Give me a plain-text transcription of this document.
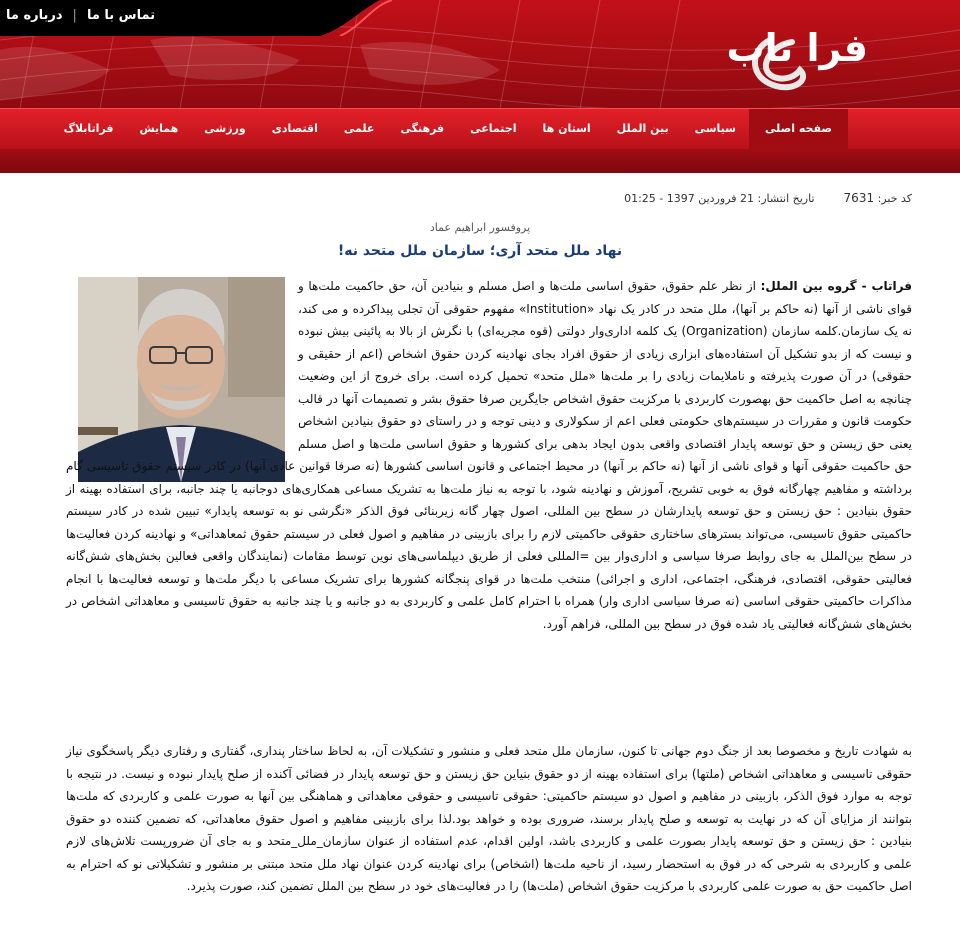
تماس با ما
|
درباره ما
فرا تاب
صفحه اصلی
سیاسی
بین الملل
استان ها
اجتماعی
فرهنگی
علمی
اقتصادی
ورزشی
همایش
فراتابلاگ
کد خبر: 7631  تاریخ انتشار: 21 فروردین 1397 - 01:25
پروفسور ابراهیم عماد
نهاد ملل متحد آری؛ سازمان ملل متحد نه!
فراتاب - گروه بین الملل: از نظر علم حقوق، حقوق اساسی ملت‌ها و اصل مسلم و بنیادین آن، حق حاکمیت ملت‌ها و قوای ناشی از آنها (نه حاکم بر آنها)، ملل متحد در کادر یک نهاد «Institution» مفهوم حقوقی آن تجلی پیداکرده و می کند، نه یک سازمان.کلمه سازمان (Organization) یک کلمه اداری‌وار دولتی (قوه مجریه‌ای) با نگرش از بالا به پائینی بیش نبوده و نیست که از بدو تشکیل آن استفاده‌های ابزاری زیادی از حقوق افراد بجای نهادینه کردن حقوق اشخاص (اعم از حقیقی و حقوقی) در آن صورت پذیرفته و ناملایمات زیادی را بر ملت‌ها «ملل متحد» تحمیل کرده است. برای خروج از این وضعیت چنانچه به اصل حاکمیت حق بهصورت کاربردی با مرکزیت حقوق اشخاص جایگرین صرفا حقوق بشر و تصمیمات آنها در قالب حکومت قانون و مقررات در سیستم‌های حکومتی فعلی اعم از سکولاری و دینی توجه و در راستای دو حقوق بنیادین اشخاص یعنی حق زیستن و حق توسعه پایدار اقتصادی واقعی بدون ایجاد بدهی برای کشورها و حقوق اساسی ملت‌ها و اصل مسلم حق حاکمیت حقوقی آنها و قوای ناشی از آنها (نه حاکم بر آنها) در محیط اجتماعی و قانون اساسی کشورها (نه صرفا قوانین عادی آنها) در کادر سیستم حقوق تاسیسی گام برداشته و مفاهیم چهارگانه فوق به خوبی تشریح، آموزش و نهادینه شود، با توجه به نیاز ملت‌ها به تشریک مساعی همکاری‌های دوجانبه یا چند جانبه، برای استفاده بهینه از حقوق بنیادین : حق زیستن و حق توسعه پایدارشان در سطح بین المللی، اصول چهار گانه زیربنائی فوق الذکر «نگرشی نو به توسعه پایدار» تبیین شده در کادر سیستم حاکمیتی حقوق تاسیسی، می‌تواند بسترهای ساختاری حقوقی حاکمیتی لازم را برای بازبینی در مفاهیم و اصول فعلی در سیستم حقوق ثمعاهداتی» و نهادینه کردن فعالیت‌ها در سطح بین‌الملل به جای روابط صرفا سیاسی و اداری‌وار بین =المللی فعلی از طریق دیپلماسی‌های نوین توسط مقامات (نمایندگان واقعی فعالین بخش‌های شش‌گانه فعالیتی حقوقی، اقتصادی، فرهنگی، اجتماعی، اداری و اجرائی) منتخب ملت‌ها در قوای پنجگانه کشورها برای تشریک مساعی با دیگر ملت‌ها و توسعه فعالیت‌ها با انجام مذاکرات حاکمیتی حقوقی اساسی (نه صرفا سیاسی اداری وار) همراه با احترام کامل علمی و کاربردی به دو جانبه و یا چند جانبه به حقوق تاسیسی و معاهداتی اشخاص در بخش‌های شش‌گانه فعالیتی یاد شده فوق در سطح بین المللی، فراهم آورد.
به شهادت تاریخ و مخصوصا بعد از جنگ دوم جهانی تا کنون، سازمان ملل متحد فعلی و منشور و تشکیلات آن، به لحاظ ساختار پنداری، گفتاری و رفتاری دیگر پاسخگوی نیاز حقوقی تاسیسی و معاهداتی اشخاص (ملتها) برای استفاده بهینه از دو حقوق بنیاین حق زیستن و حق توسعه پایدار در فضائی آکنده از صلح پایدار نبوده و نیست. در نتیجه با توجه به موارد فوق الذکر، بازبینی در مفاهیم و اصول دو سیستم حاکمیتی: حقوقی تاسیسی و حقوقی معاهداتی و هماهنگی بین آنها به صورت علمی و کاربردی که ملت‌ها بتوانند از مزایای آن که در نهایت به توسعه و صلح پایدار برسند، ضروری بوده و خواهد بود.لذا برای بازبینی مفاهیم و اصول حقوق معاهداتی، که تضمین کننده دو حقوق بنیادین : حق زیستن و حق توسعه پایدار بصورت علمی و کاربردی باشد، اولین اقدام، عدم استفاده از عنوان سازمان_ملل_متحد و به جای آن ضرورپست تلاش‌های لازم علمی و کاربردی به شرحی که در فوق به استحضار رسید، از ناحیه ملت‌ها (اشخاص) برای نهادینه کردن عنوان نهاد ملل متحد مبتنی بر منشور و تشکیلاتی نو که احترام به اصل حاکمیت حق به صورت علمی کاربردی با مرکزیت حقوق اشخاص (ملت‌ها) را در فعالیت‌های خود در سطح بین الملل تضمین کند، صورت پذیرد.
